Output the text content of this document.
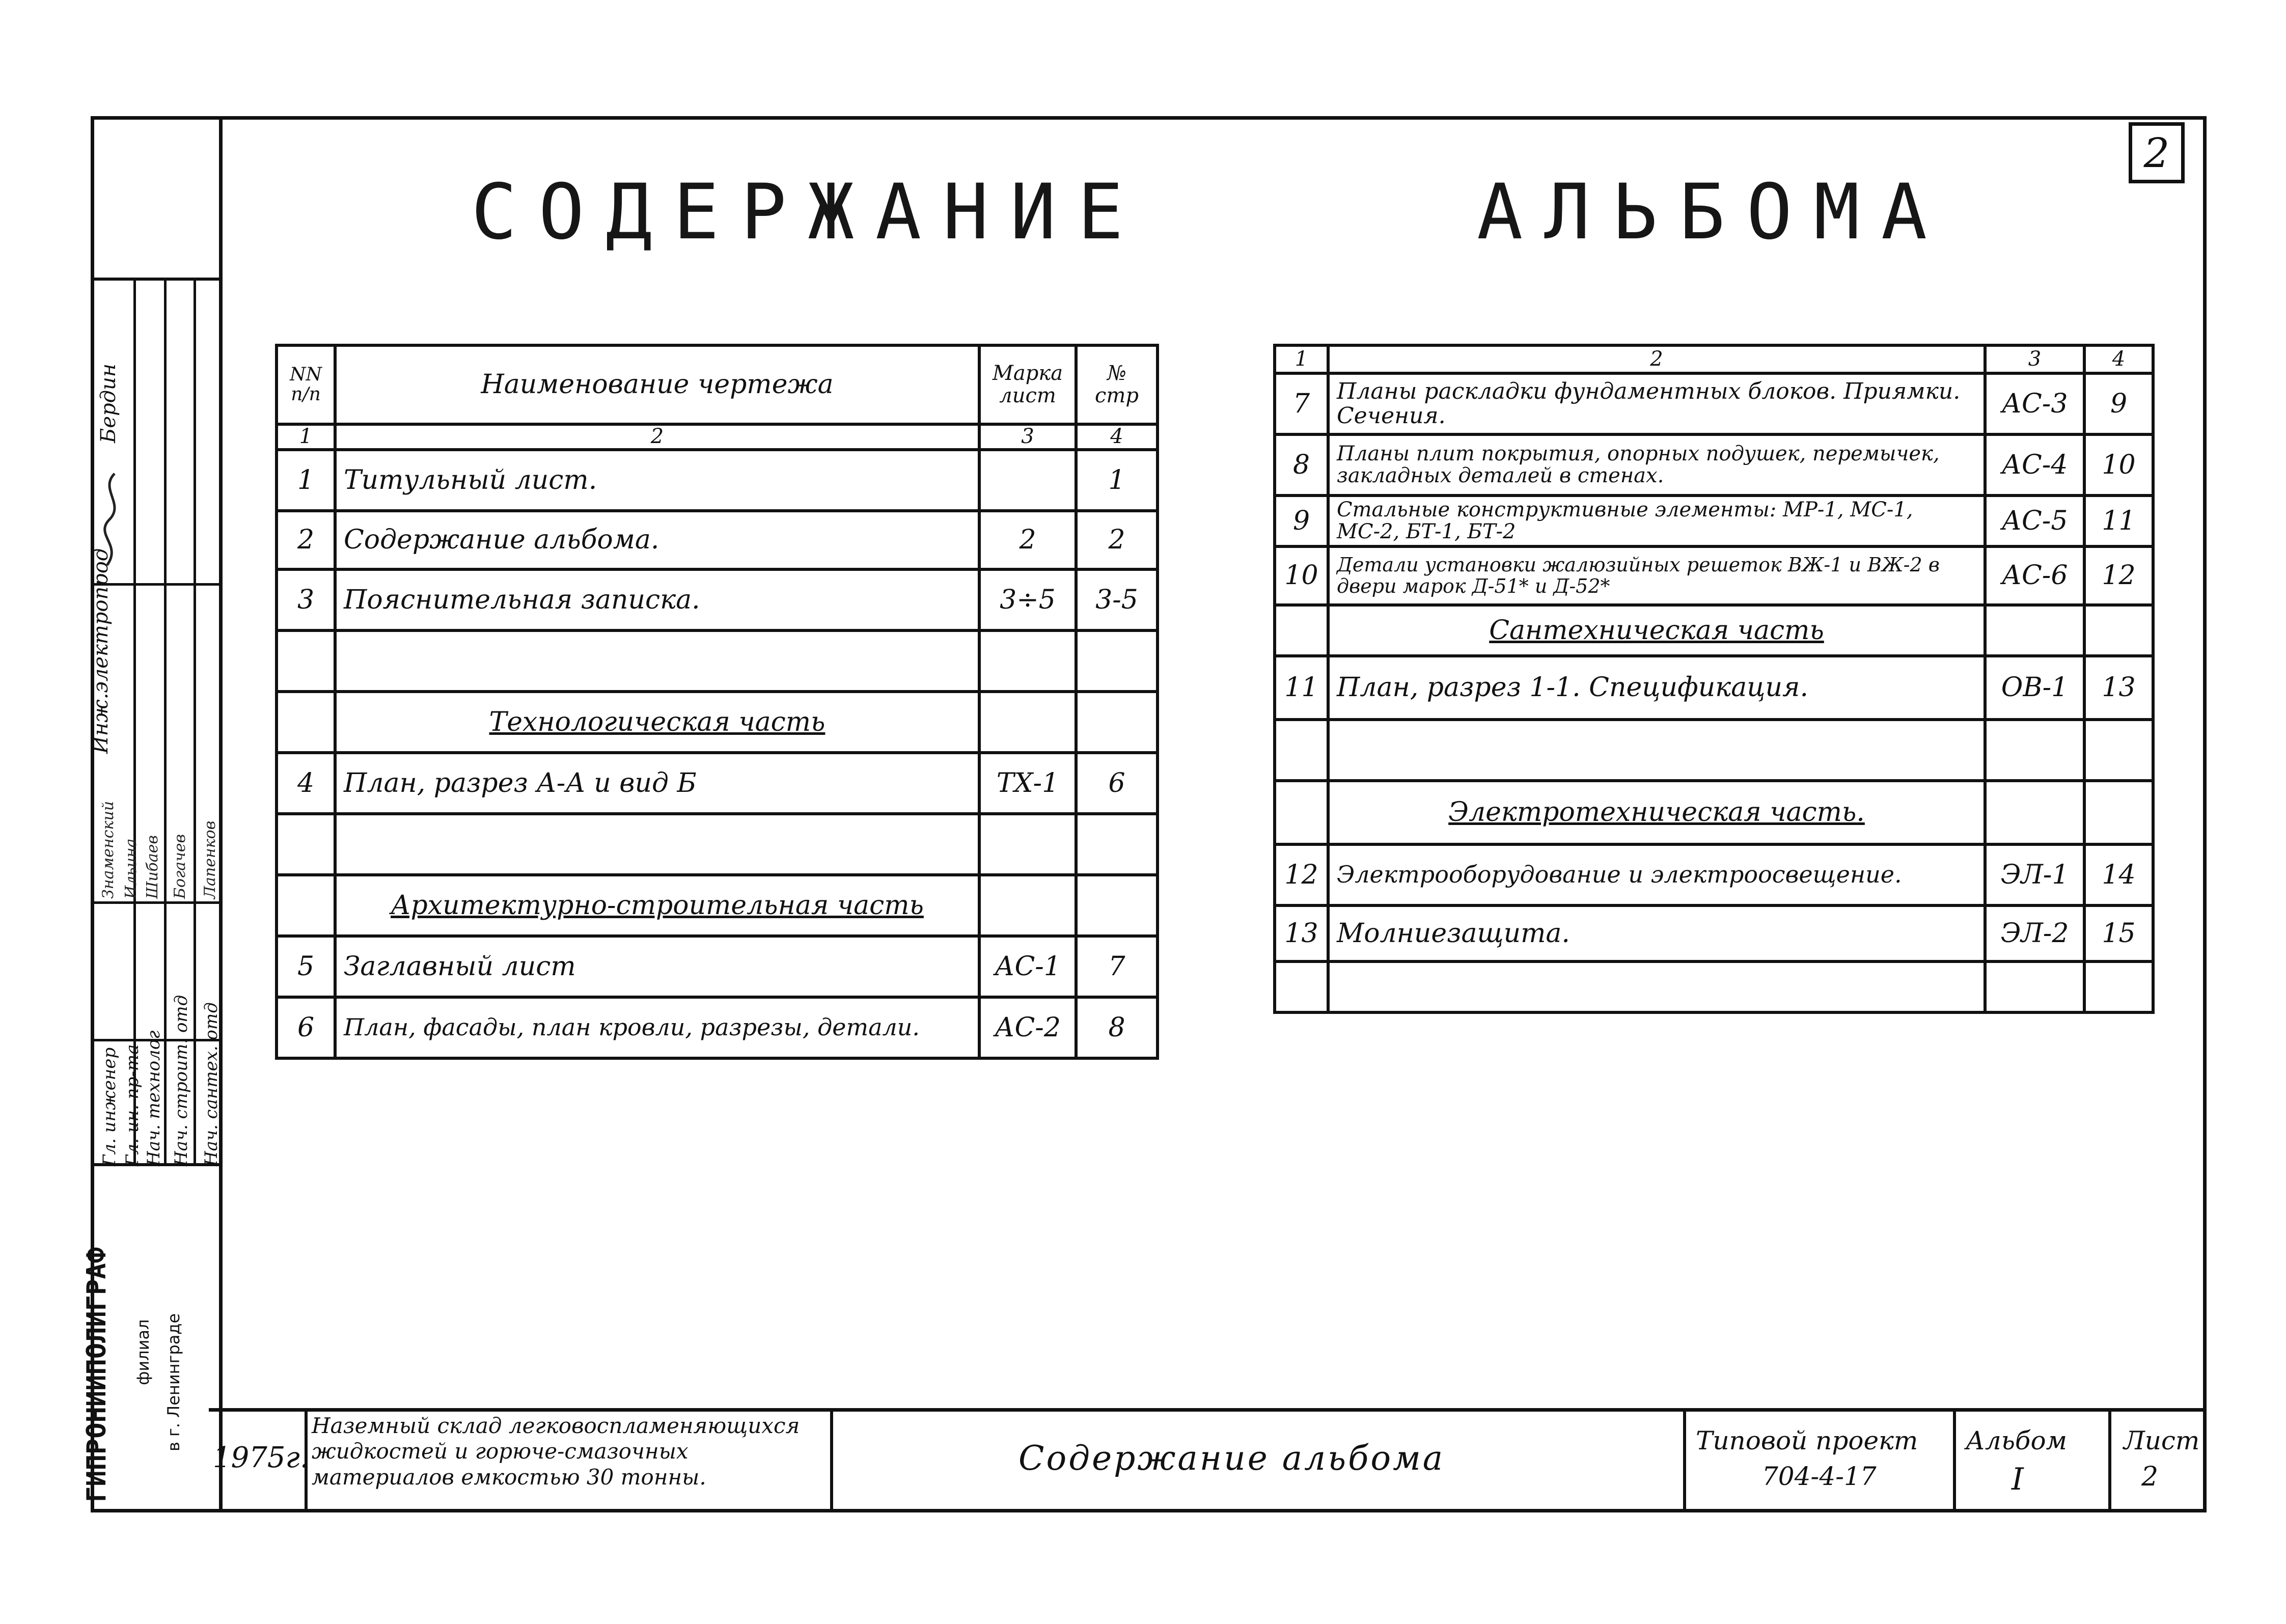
2
СОДЕРЖАНИЕ	АЛЬБОМА
NN п/п	Наименование чертежа	Марка лист	№ стр
1	2	3	4
1	Титульный лист.		1
2	Содержание альбома.	2	2
3	Пояснительная записка.	3÷5	3-5

	Технологическая часть		
4	План, разрез А-А и вид Б	ТХ-1	6

	Архитектурно-строительная часть		
5	Заглавный лист	АС-1	7
6	План, фасады, план кровли, разрезы, детали.	АС-2	8
1	2	3	4
7	Планы раскладки фундаментных блоков. Приямки. Сечения.	АС-3	9
8	Планы плит покрытия, опорных подушек, перемычек, закладных деталей в стенах.	АС-4	10
9	Стальные конструктивные элементы: МР-1, МС-1, МС-2, БТ-1, БТ-2	АС-5	11
10	Детали установки жалюзийных решеток ВЖ-1 и ВЖ-2 в двери марок Д-51* и Д-52*	АС-6	12
	Сантехническая часть		
11	План, разрез 1-1. Спецификация.	ОВ-1	13

	Электротехническая часть.		
12	Электрооборудование и электроосвещение.	ЭЛ-1	14
13	Молниезащита.	ЭЛ-2	15

Гл. инженер Гл. ин. пр-та Нач. технолог Нач. строит. отд Нач. сантех. отд
Знаменский Ильина Шибаев Богачев Лапенков
Инж.электропрод
Бердин
ГИПРОНИИПОЛИГРАФ филиал в г. Ленинграде
1975г.
Наземный склад легковоспламеняющихся жидкостей и горюче-смазочных материалов емкостью 30 тонны.	Содержание альбома	Типовой проект
704-4-17
Альбом
I
Лист
2
